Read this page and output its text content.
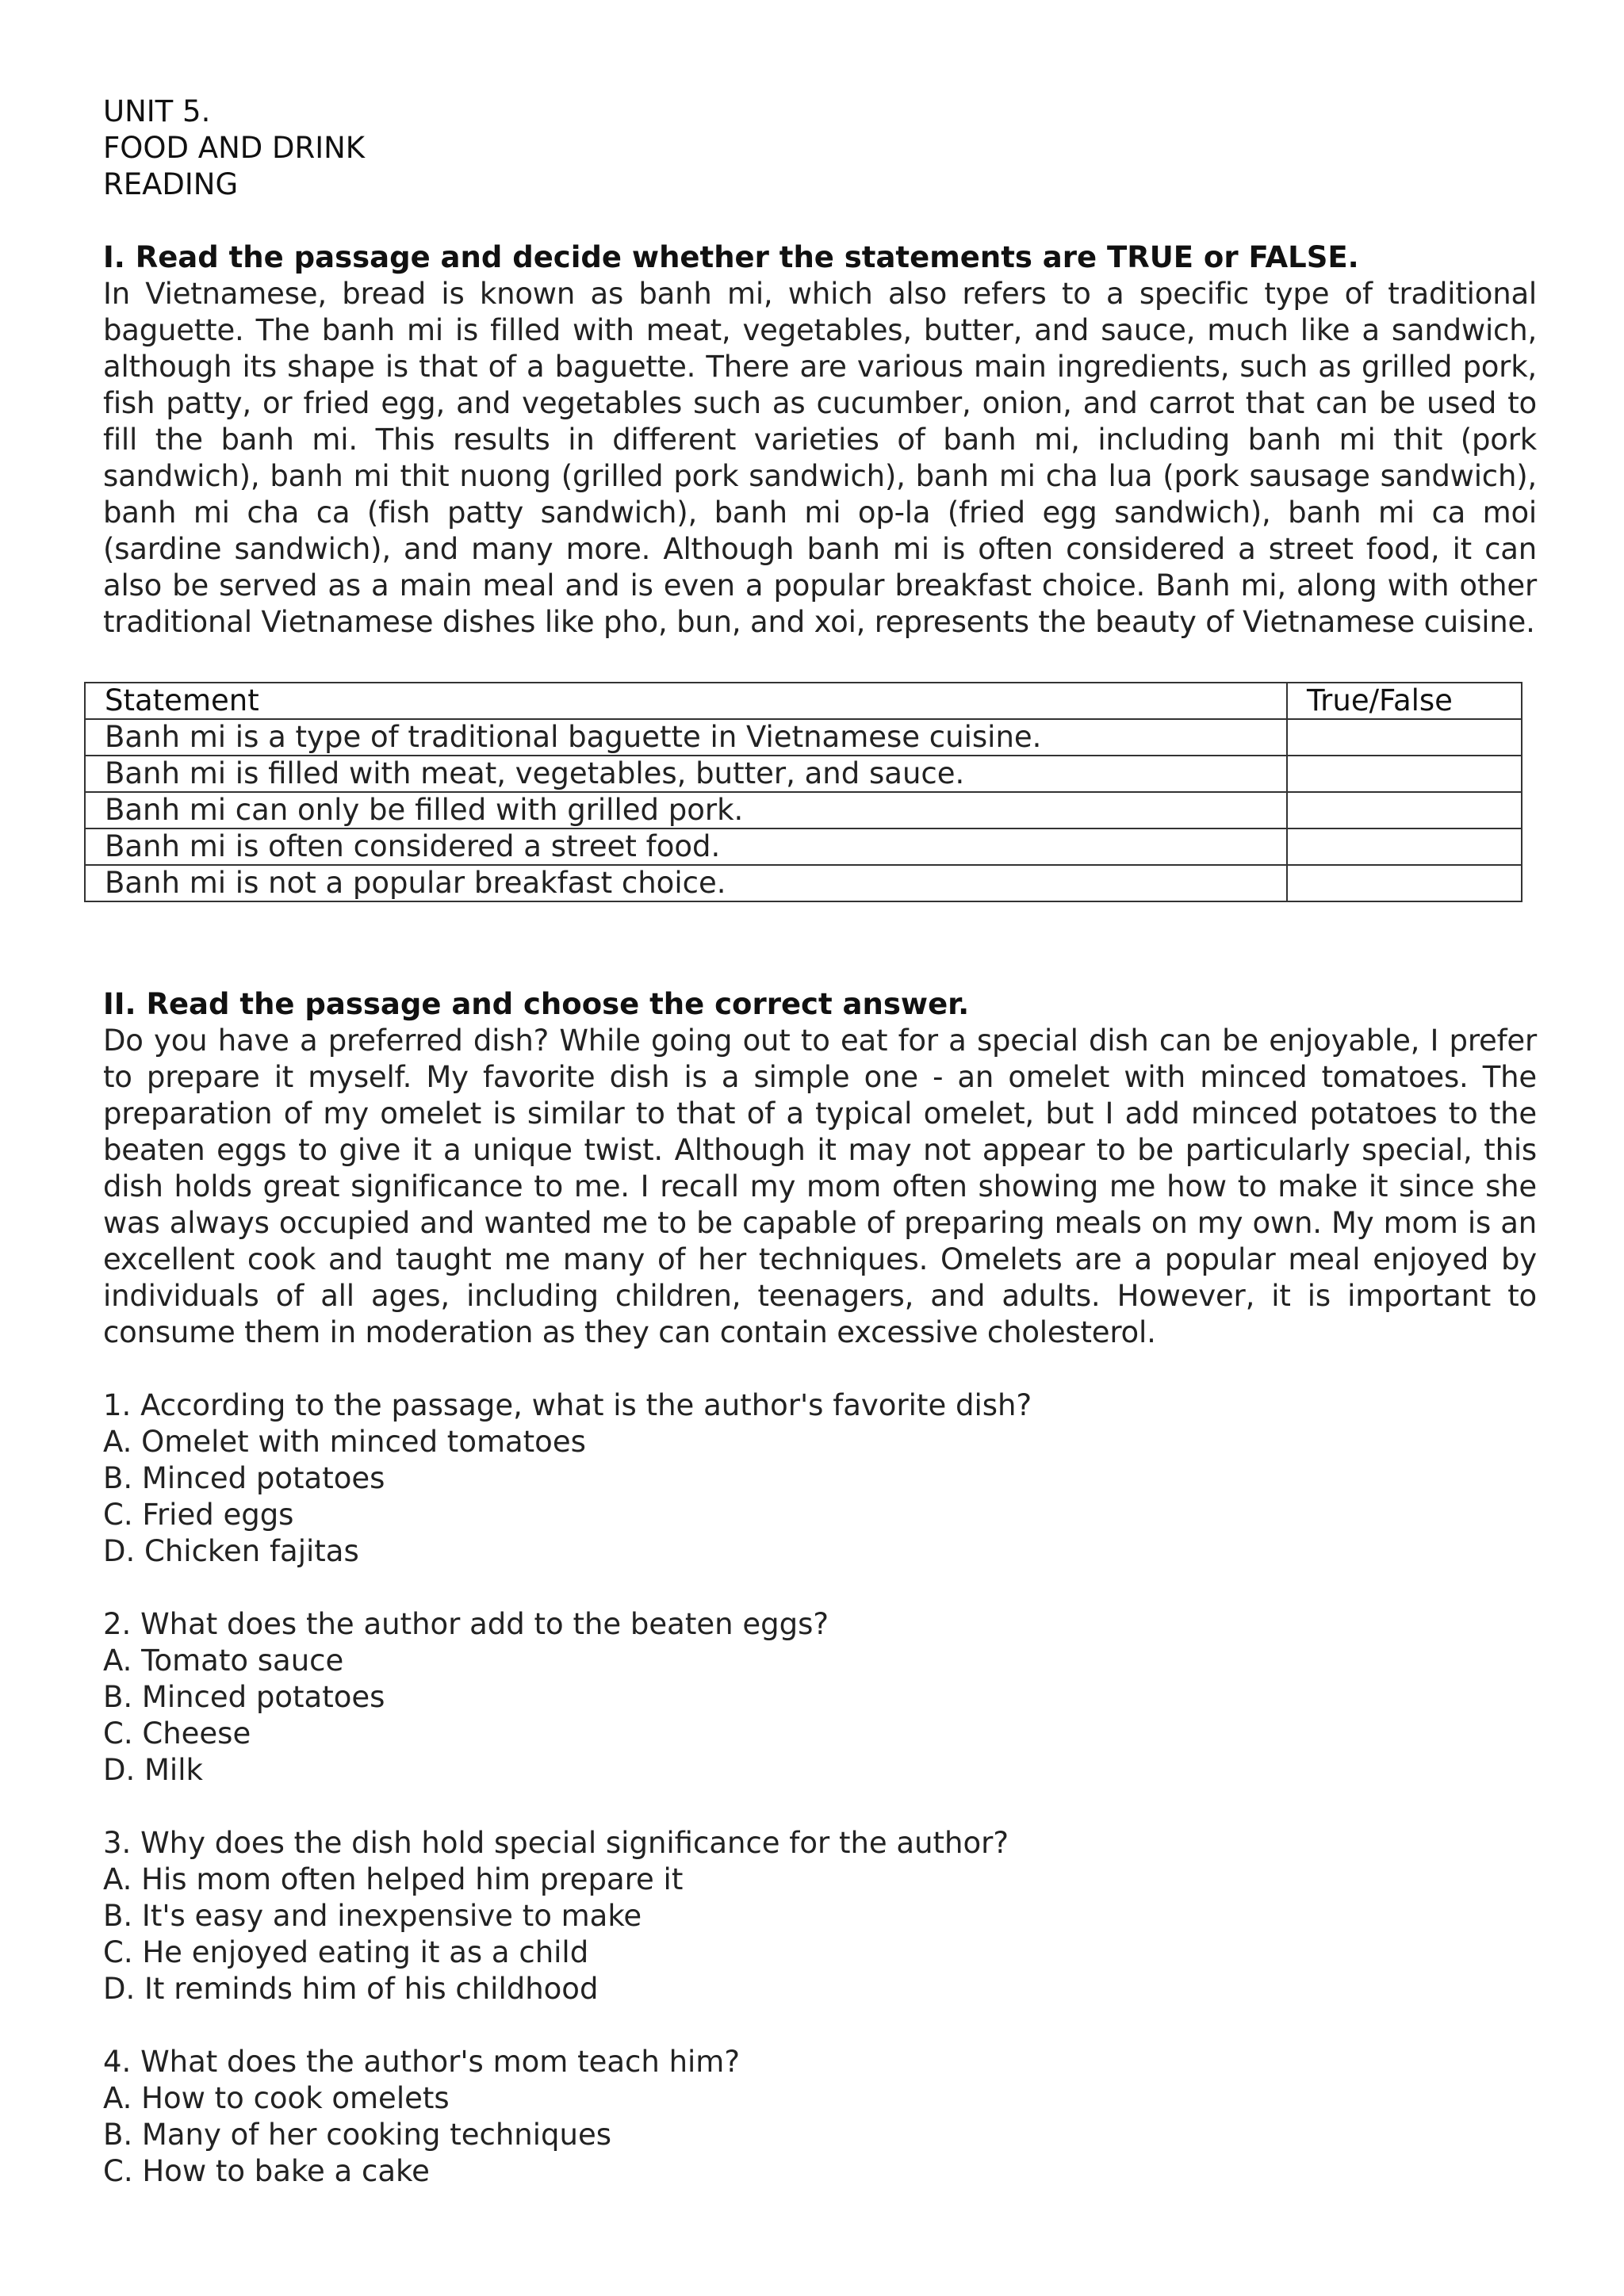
UNIT 5.
FOOD AND DRINK
READING
I. Read the passage and decide whether the statements are TRUE or FALSE.
In Vietnamese, bread is known as banh mi, which also refers to a specific type of traditional baguette. The banh mi is filled with meat, vegetables, butter, and sauce, much like a sandwich, although its shape is that of a baguette. There are various main ingredients, such as grilled pork, fish patty, or fried egg, and vegetables such as cucumber, onion, and carrot that can be used to fill the banh mi. This results in different varieties of banh mi, including banh mi thit (pork sandwich), banh mi thit nuong (grilled pork sandwich), banh mi cha lua (pork sausage sandwich), banh mi cha ca (fish patty sandwich), banh mi op-la (fried egg sandwich), banh mi ca moi (sardine sandwich), and many more. Although banh mi is often considered a street food, it can also be served as a main meal and is even a popular breakfast choice. Banh mi, along with other traditional Vietnamese dishes like pho, bun, and xoi, represents the beauty of Vietnamese cuisine.
Statement	True/False
Banh mi is a type of traditional baguette in Vietnamese cuisine.	
Banh mi is filled with meat, vegetables, butter, and sauce.	
Banh mi can only be filled with grilled pork.	
Banh mi is often considered a street food.	
Banh mi is not a popular breakfast choice.	
II. Read the passage and choose the correct answer.
Do you have a preferred dish? While going out to eat for a special dish can be enjoyable, I prefer to prepare it myself. My favorite dish is a simple one - an omelet with minced tomatoes. The preparation of my omelet is similar to that of a typical omelet, but I add minced potatoes to the beaten eggs to give it a unique twist. Although it may not appear to be particularly special, this dish holds great significance to me. I recall my mom often showing me how to make it since she was always occupied and wanted me to be capable of preparing meals on my own. My mom is an excellent cook and taught me many of her techniques. Omelets are a popular meal enjoyed by individuals of all ages, including children, teenagers, and adults. However, it is important to consume them in moderation as they can contain excessive cholesterol.
1. According to the passage, what is the author's favorite dish?
A. Omelet with minced tomatoes
B. Minced potatoes
C. Fried eggs
D. Chicken fajitas
2. What does the author add to the beaten eggs?
A. Tomato sauce
B. Minced potatoes
C. Cheese
D. Milk
3. Why does the dish hold special significance for the author?
A. His mom often helped him prepare it
B. It's easy and inexpensive to make
C. He enjoyed eating it as a child
D. It reminds him of his childhood
4. What does the author's mom teach him?
A. How to cook omelets
B. Many of her cooking techniques
C. How to bake a cake
